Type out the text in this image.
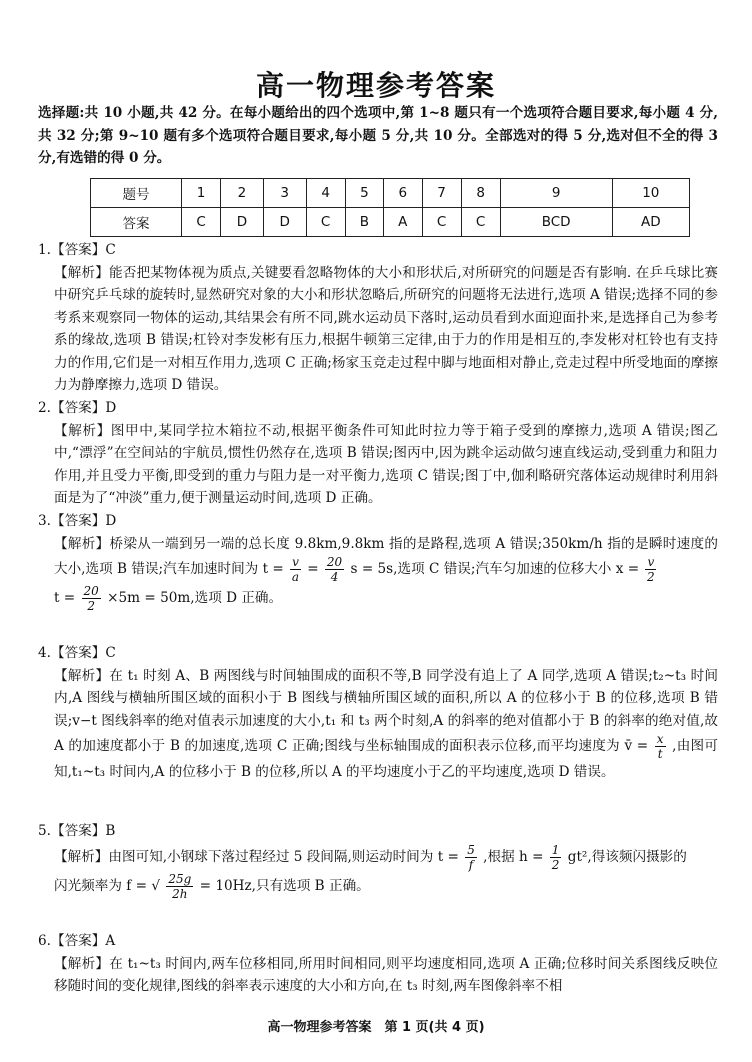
高一物理参考答案
选择题:共 10 小题,共 42 分。在每小题给出的四个选项中,第 1~8 题只有一个选项符合题目要求,每小题 4 分,共 32 分;第 9~10 题有多个选项符合题目要求,每小题 5 分,共 10 分。全部选对的得 5 分,选对但不全的得 3 分,有选错的得 0 分。
题号	1	2	3	4	5	6	7	8	9	10
答案	C	D	D	C	B	A	C	C	BCD	AD
1.【答案】C
【解析】能否把某物体视为质点,关键要看忽略物体的大小和形状后,对所研究的问题是否有影响. 在乒乓球比赛中研究乒乓球的旋转时,显然研究对象的大小和形状忽略后,所研究的问题将无法进行,选项 A 错误;选择不同的参考系来观察同一物体的运动,其结果会有所不同,跳水运动员下落时,运动员看到水面迎面扑来,是选择自己为参考系的缘故,选项 B 错误;杠铃对李发彬有压力,根据牛顿第三定律,由于力的作用是相互的,李发彬对杠铃也有支持力的作用,它们是一对相互作用力,选项 C 正确;杨家玉竞走过程中脚与地面相对静止,竞走过程中所受地面的摩擦力为静摩擦力,选项 D 错误。
2.【答案】D
【解析】图甲中,某同学拉木箱拉不动,根据平衡条件可知此时拉力等于箱子受到的摩擦力,选项 A 错误;图乙中,“漂浮”在空间站的宇航员,惯性仍然存在,选项 B 错误;图丙中,因为跳伞运动做匀速直线运动,受到重力和阻力作用,并且受力平衡,即受到的重力与阻力是一对平衡力,选项 C 错误;图丁中,伽利略研究落体运动规律时利用斜面是为了“冲淡”重力,便于测量运动时间,选项 D 正确。
3.【答案】D
【解析】桥梁从一端到另一端的总长度 9.8km,9.8km 指的是路程,选项 A 错误;350km/h 指的是瞬时速度的大小,选项 B 错误;汽车加速时间为 $t = \frac{v}{a} = \frac{20}{4}$ s = 5s,选项 C 错误;汽车匀加速的位移大小 $x = \frac{v}{2}$

$t = \frac{20}{2} \times 5m = 50m$,选项 D 正确。
4.【答案】C
【解析】在 t₁ 时刻 A、B 两图线与时间轴围成的面积不等,B 同学没有追上了 A 同学,选项 A 错误;t₂~t₃ 时间内,A 图线与横轴所围区域的面积小于 B 图线与横轴所围区域的面积,所以 A 的位移小于 B 的位移,选项 B 错误;v−t 图线斜率的绝对值表示加速度的大小,t₁ 和 t₃ 两个时刻,A 的斜率的绝对值都小于 B 的斜率的绝对值,故 A 的加速度都小于 B 的加速度,选项 C 正确;图线与坐标轴围成的面积表示位移,而平均速度为 v̄ = $\frac{x}{t}$ ,由图可知,t₁~t₃ 时间内,A 的位移小于 B 的位移,所以 A 的平均速度小于乙的平均速度,选项 D 错误。
5.【答案】B
【解析】由图可知,小钢球下落过程经过 5 段间隔,则运动时间为 $t = \frac{5}{f}$ ,根据 $h = \frac{1}{2} gt^2$,得该频闪摄影的
闪光频率为 f = √ $\frac{25g}{2h} = 10Hz$,只有选项 B 正确。
6.【答案】A
【解析】在 t₁~t₃ 时间内,两车位移相同,所用时间相同,则平均速度相同,选项 A 正确;位移时间关系图线反映位移随时间的变化规律,图线的斜率表示速度的大小和方向,在 t₃ 时刻,两车图像斜率不相
高一物理参考答案　第 1 页(共 4 页)
